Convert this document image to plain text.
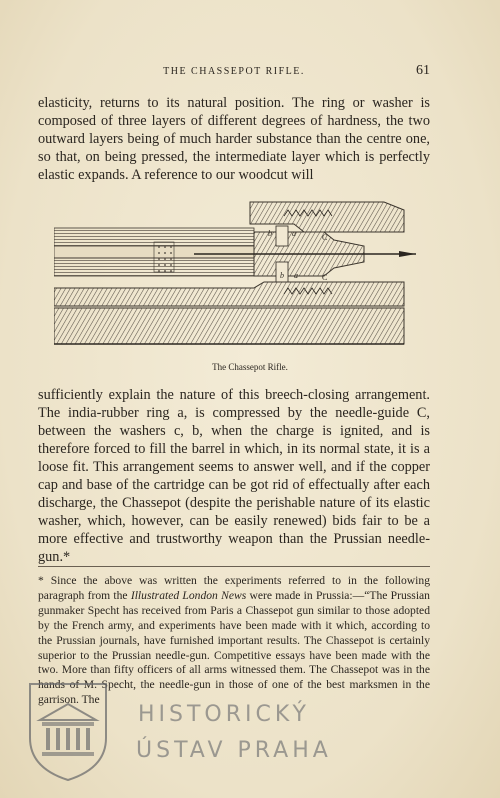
THE CHASSEPOT RIFLE.	61

elasticity, returns to its natural position. The ring or washer is composed of three layers of different degrees of hardness, the two outward layers being of much harder substance than the centre one, so that, on being pressed, the intermediate layer which is perfectly elastic expands. A reference to our woodcut will

b	a	C
b a	C
The Chassepot Rifle.

sufficiently explain the nature of this breech-closing arrangement. The india-rubber ring a, is compressed by the needle-guide C, between the washers c, b, when the charge is ignited, and is therefore forced to fill the barrel in which, in its normal state, it is a loose fit. This arrangement seems to answer well, and if the copper cap and base of the cartridge can be got rid of effectually after each discharge, the Chassepot (despite the perishable nature of its elastic washer, which, however, can be easily renewed) bids fair to be a more effective and trustworthy weapon than the Prussian needle-gun.*

* Since the above was written the experiments referred to in the following paragraph from the Illustrated London News were made in Prussia:—“The Prussian gunmaker Specht has received from Paris a Chassepot gun similar to those adopted by the French army, and experiments have been made with it which, according to the Prussian journals, have furnished important results. The Chassepot is certainly superior to the Prussian needle-gun. Competitive essays have been made with the two. More than fifty officers of all arms witnessed them. The Chassepot was in the hands of M. Specht, the needle-gun in those of one of the best marksmen in the garrison. The

HISTORICKÝ
ÚSTAV PRAHA
